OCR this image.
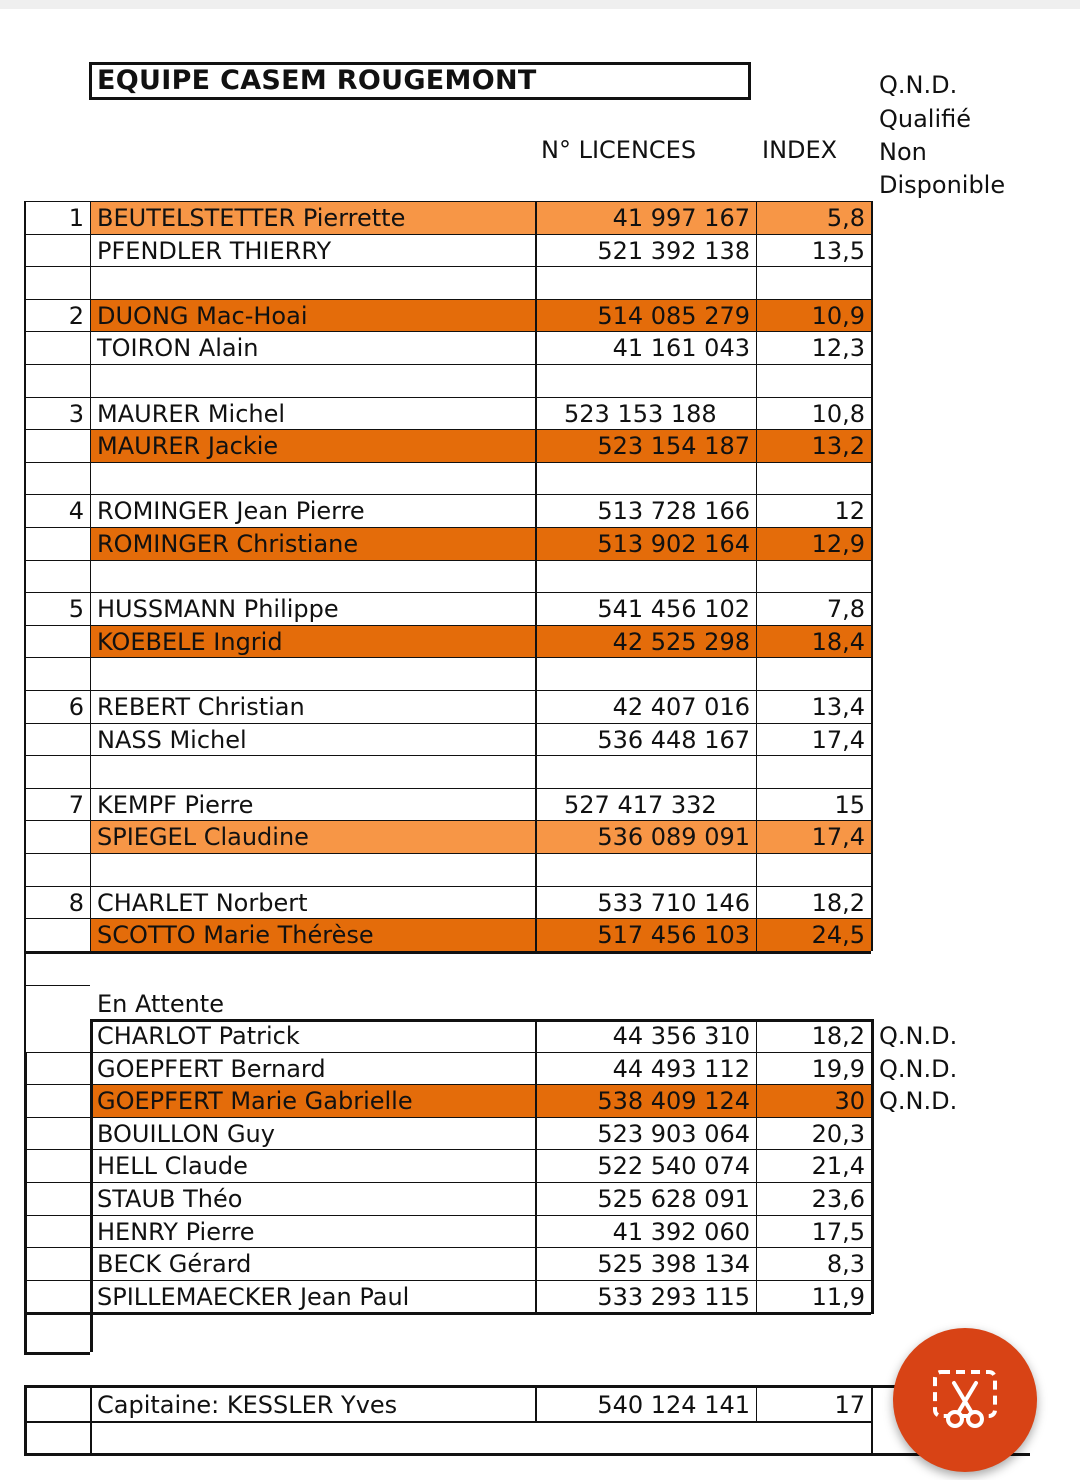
EQUIPE CASEM ROUGEMONT	Q.N.D.
Qualifié
Non
Disponible
N° LICENCES	INDEX
1 BEUTELSTETTER Pierrette	41 997 167	5,8
PFENDLER THIERRY	521 392 138	13,5
2 DUONG Mac-Hoai	514 085 279	10,9
TOIRON Alain	41 161 043	12,3
3 MAURER Michel	523 153 188	10,8
MAURER Jackie	523 154 187	13,2
4 ROMINGER Jean Pierre	513 728 166	12
ROMINGER Christiane	513 902 164	12,9
5 HUSSMANN Philippe	541 456 102	7,8
KOEBELE Ingrid	42 525 298	18,4
6 REBERT Christian	42 407 016	13,4
NASS Michel	536 448 167	17,4
7 KEMPF Pierre	527 417 332	15
SPIEGEL Claudine	536 089 091	17,4
8 CHARLET Norbert	533 710 146	18,2
SCOTTO Marie Thérèse	517 456 103	24,5
En Attente
CHARLOT Patrick	44 356 310	18,2 Q.N.D.
GOEPFERT Bernard	44 493 112	19,9 Q.N.D.
GOEPFERT Marie Gabrielle	538 409 124	30 Q.N.D.
BOUILLON Guy	523 903 064	20,3
HELL Claude	522 540 074	21,4
STAUB Théo	525 628 091	23,6
HENRY Pierre	41 392 060	17,5
BECK Gérard	525 398 134	8,3
SPILLEMAECKER Jean Paul	533 293 115	11,9
Capitaine: KESSLER Yves	540 124 141	17
